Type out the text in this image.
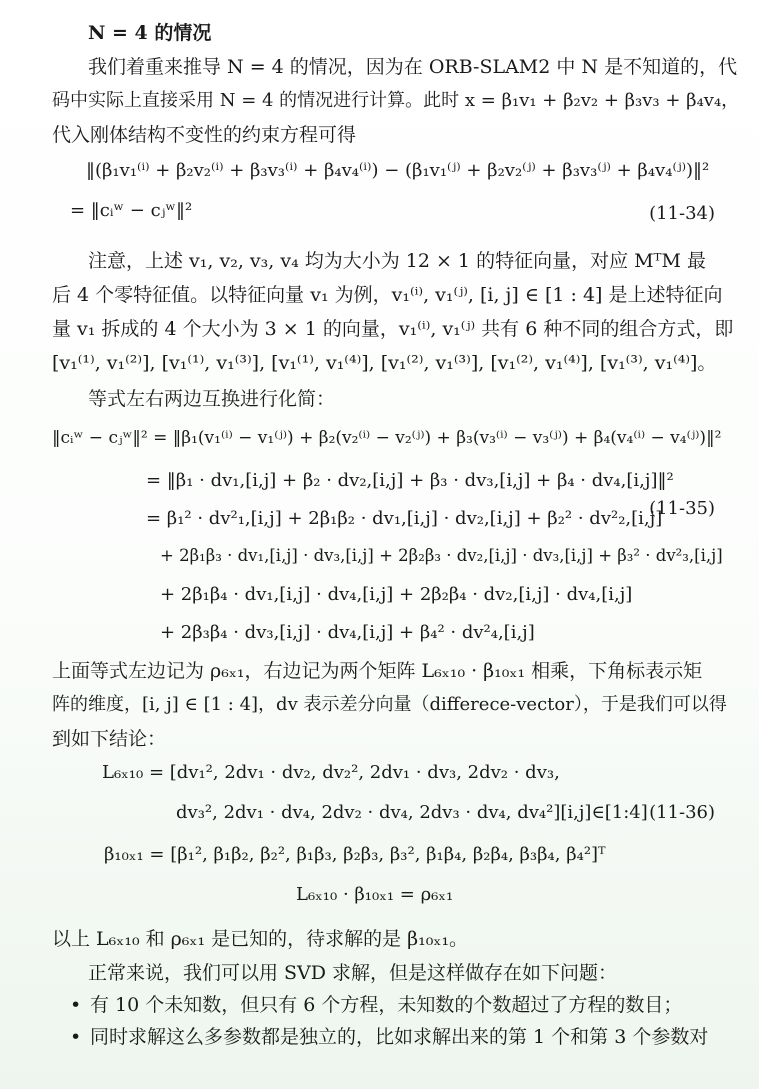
N = 4 的情况
我们着重来推导 N = 4 的情况，因为在 ORB-SLAM2 中 N 是不知道的，代
码中实际上直接采用 N = 4 的情况进行计算。此时 x = β₁v₁ + β₂v₂ + β₃v₃ + β₄v₄，
代入刚体结构不变性的约束方程可得
‖(β₁v₁⁽ⁱ⁾ + β₂v₂⁽ⁱ⁾ + β₃v₃⁽ⁱ⁾ + β₄v₄⁽ⁱ⁾) − (β₁v₁⁽ʲ⁾ + β₂v₂⁽ʲ⁾ + β₃v₃⁽ʲ⁾ + β₄v₄⁽ʲ⁾)‖²
= ‖cᵢʷ − cⱼʷ‖²	(11-34)
注意，上述 v₁, v₂, v₃, v₄ 均为大小为 12 × 1 的特征向量，对应 MᵀM 最
后 4 个零特征值。以特征向量 v₁ 为例，v₁⁽ⁱ⁾, v₁⁽ʲ⁾, [i, j] ∈ [1 : 4] 是上述特征向
量 v₁ 拆成的 4 个大小为 3 × 1 的向量，v₁⁽ⁱ⁾, v₁⁽ʲ⁾ 共有 6 种不同的组合方式，即
[v₁⁽¹⁾, v₁⁽²⁾], [v₁⁽¹⁾, v₁⁽³⁾], [v₁⁽¹⁾, v₁⁽⁴⁾], [v₁⁽²⁾, v₁⁽³⁾], [v₁⁽²⁾, v₁⁽⁴⁾], [v₁⁽³⁾, v₁⁽⁴⁾]。
等式左右两边互换进行化简：
‖cᵢʷ − cⱼʷ‖² = ‖β₁(v₁⁽ⁱ⁾ − v₁⁽ʲ⁾) + β₂(v₂⁽ⁱ⁾ − v₂⁽ʲ⁾) + β₃(v₃⁽ⁱ⁾ − v₃⁽ʲ⁾) + β₄(v₄⁽ⁱ⁾ − v₄⁽ʲ⁾)‖²
= ‖β₁ · dv₁,[i,j] + β₂ · dv₂,[i,j] + β₃ · dv₃,[i,j] + β₄ · dv₄,[i,j]‖²
= β₁² · dv²₁,[i,j] + 2β₁β₂ · dv₁,[i,j] · dv₂,[i,j] + β₂² · dv²₂,[i,j]
(11-35)
+ 2β₁β₃ · dv₁,[i,j] · dv₃,[i,j] + 2β₂β₃ · dv₂,[i,j] · dv₃,[i,j] + β₃² · dv²₃,[i,j]
+ 2β₁β₄ · dv₁,[i,j] · dv₄,[i,j] + 2β₂β₄ · dv₂,[i,j] · dv₄,[i,j]
+ 2β₃β₄ · dv₃,[i,j] · dv₄,[i,j] + β₄² · dv²₄,[i,j]
上面等式左边记为 ρ₆ₓ₁，右边记为两个矩阵 L₆ₓ₁₀ · β₁₀ₓ₁ 相乘，下角标表示矩
阵的维度，[i, j] ∈ [1 : 4]，dv 表示差分向量（differece-vector），于是我们可以得
到如下结论：
L₆ₓ₁₀ = [dv₁², 2dv₁ · dv₂, dv₂², 2dv₁ · dv₃, 2dv₂ · dv₃,
dv₃², 2dv₁ · dv₄, 2dv₂ · dv₄, 2dv₃ · dv₄, dv₄²][i,j]∈[1:4] (11-36)
β₁₀ₓ₁ = [β₁², β₁β₂, β₂², β₁β₃, β₂β₃, β₃², β₁β₄, β₂β₄, β₃β₄, β₄²]ᵀ
L₆ₓ₁₀ · β₁₀ₓ₁ = ρ₆ₓ₁
以上 L₆ₓ₁₀ 和 ρ₆ₓ₁ 是已知的，待求解的是 β₁₀ₓ₁。
正常来说，我们可以用 SVD 求解，但是这样做存在如下问题：
• 有 10 个未知数，但只有 6 个方程，未知数的个数超过了方程的数目；
• 同时求解这么多参数都是独立的，比如求解出来的第 1 个和第 3 个参数对
